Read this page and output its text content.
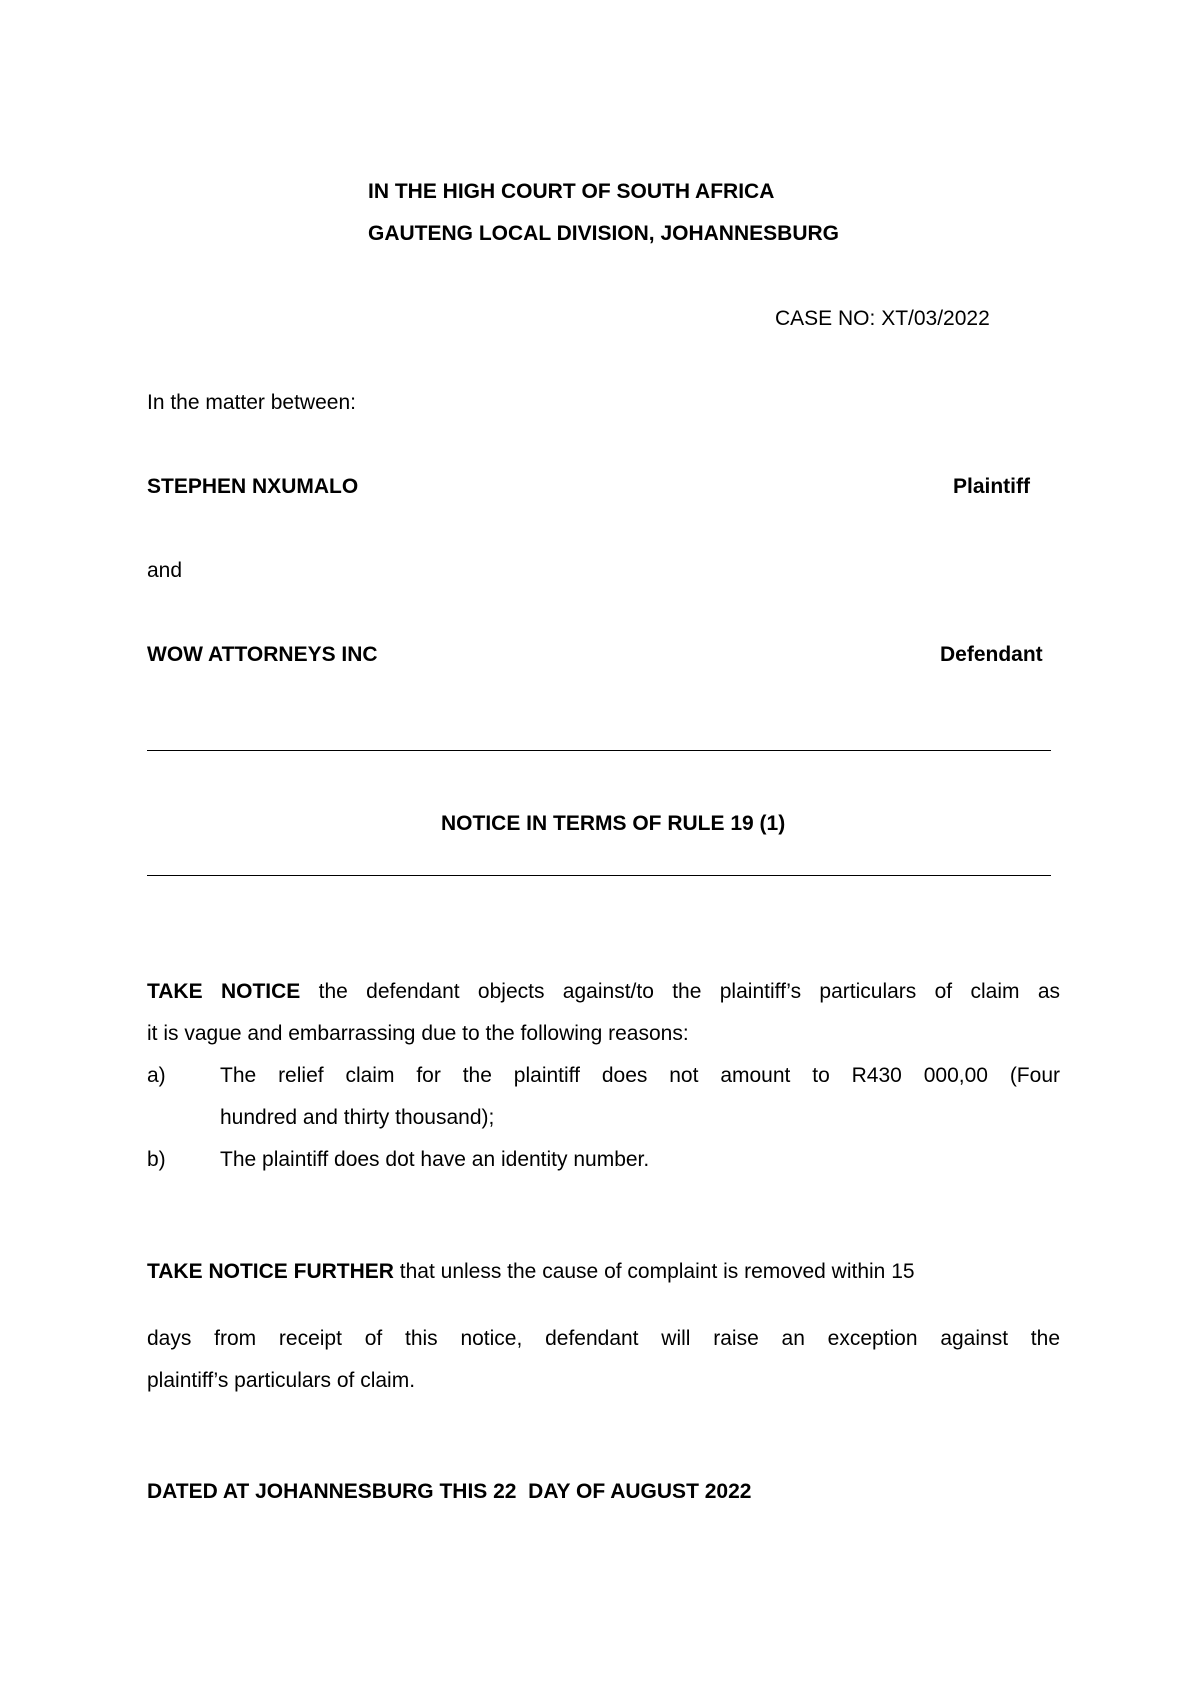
IN THE HIGH COURT OF SOUTH AFRICA
GAUTENG LOCAL DIVISION, JOHANNESBURG
CASE NO: XT/03/2022
In the matter between:
STEPHEN NXUMALO	Plaintiff
and
WOW ATTORNEYS INC	Defendant
NOTICE IN TERMS OF RULE 19 (1)
TAKE NOTICE the defendant objects against/to the plaintiff’s particulars of claim as
it is vague and embarrassing due to the following reasons:
a)	The relief claim for the plaintiff does not amount to R430 000,00 (Four
hundred and thirty thousand);
b)	The plaintiff does dot have an identity number.
TAKE NOTICE FURTHER that unless the cause of complaint is removed within 15
days from receipt of this notice, defendant will raise an exception against the
plaintiff’s particulars of claim.
DATED AT JOHANNESBURG THIS 22  DAY OF AUGUST 2022
